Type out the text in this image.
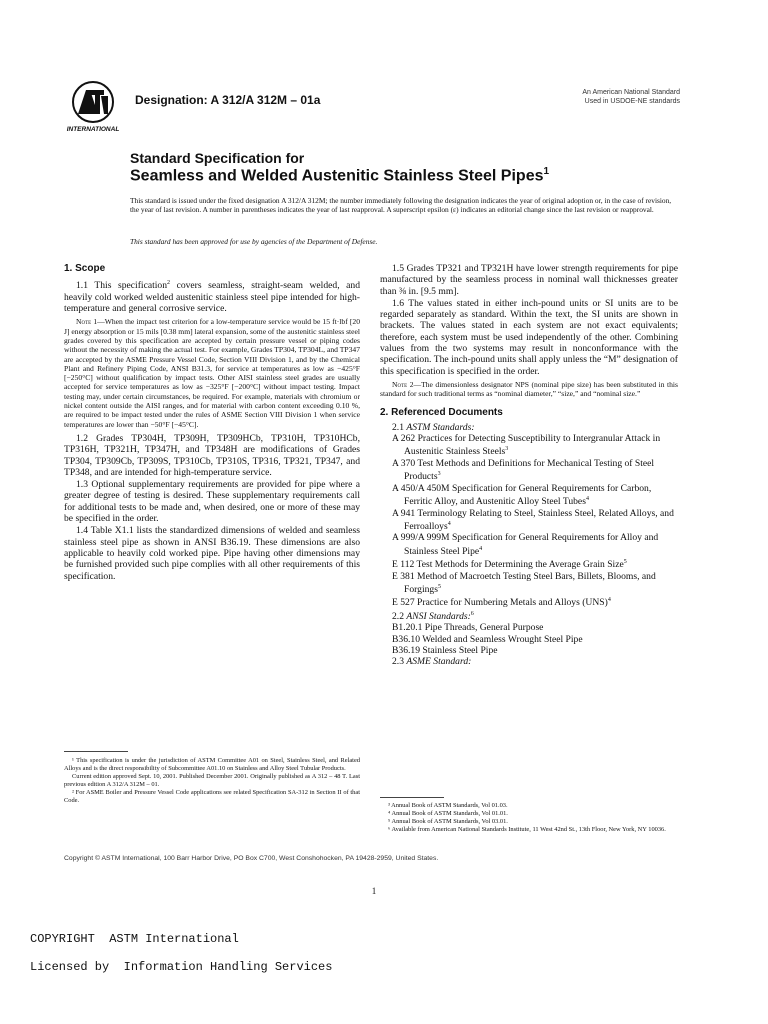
INTERNATIONAL
Designation: A 312/A 312M – 01a
An American National Standard
Used in USDOE-NE standards
Standard Specification for
Seamless and Welded Austenitic Stainless Steel Pipes$^1$
This standard is issued under the fixed designation A 312/A 312M; the number immediately following the designation indicates the year of original adoption or, in the case of revision, the year of last revision. A number in parentheses indicates the year of last reapproval. A superscript epsilon (ε) indicates an editorial change since the last revision or reapproval.
This standard has been approved for use by agencies of the Department of Defense.
1. Scope

1.1 This specification$^2$ covers seamless, straight-seam welded, and heavily cold worked welded austenitic stainless steel pipe intended for high-temperature and general corrosive service.

Note 1—When the impact test criterion for a low-temperature service would be 15 ft·lbf [20 J] energy absorption or 15 mils [0.38 mm] lateral expansion, some of the austenitic stainless steel grades covered by this specification are accepted by certain pressure vessel or piping codes without the necessity of making the actual test. For example, Grades TP304, TP304L, and TP347 are accepted by the ASME Pressure Vessel Code, Section VIII Division 1, and by the Chemical Plant and Refinery Piping Code, ANSI B31.3, for service at temperatures as low as −425°F [−250°C] without qualification by impact tests. Other AISI stainless steel grades are usually accepted for service temperatures as low as −325°F [−200°C] without impact testing. Impact testing may, under certain circumstances, be required. For example, materials with chromium or nickel content outside the AISI ranges, and for material with carbon content exceeding 0.10 %, are required to be impact tested under the rules of ASME Section VIII Division 1 when service temperatures are lower than −50°F [−45°C].

1.2 Grades TP304H, TP309H, TP309HCb, TP310H, TP310HCb, TP316H, TP321H, TP347H, and TP348H are modifications of Grades TP304, TP309Cb, TP309S, TP310Cb, TP310S, TP316, TP321, TP347, and TP348, and are intended for high-temperature service.

1.3 Optional supplementary requirements are provided for pipe where a greater degree of testing is desired. These supplementary requirements call for additional tests to be made and, when desired, one or more of these may be specified in the order.

1.4 Table X1.1 lists the standardized dimensions of welded and seamless stainless steel pipe as shown in ANSI B36.19. These dimensions are also applicable to heavily cold worked pipe. Pipe having other dimensions may be furnished provided such pipe complies with all other requirements of this specification.

1.5 Grades TP321 and TP321H have lower strength requirements for pipe manufactured by the seamless process in nominal wall thicknesses greater than ⅜ in. [9.5 mm].

1.6 The values stated in either inch-pound units or SI units are to be regarded separately as standard. Within the text, the SI units are shown in brackets. The values stated in each system are not exact equivalents; therefore, each system must be used independently of the other. Combining values from the two systems may result in nonconformance with the specification. The inch-pound units shall apply unless the “M” designation of this specification is specified in the order.

Note 2—The dimensionless designator NPS (nominal pipe size) has been substituted in this standard for such traditional terms as “nominal diameter,” “size,” and “nominal size.”
2. Referenced Documents
2.1 ASTM Standards:
A 262 Practices for Detecting Susceptibility to Intergranular Attack in Austenitic Stainless Steels$^3$
A 370 Test Methods and Definitions for Mechanical Testing of Steel Products$^3$
A 450/A 450M Specification for General Requirements for Carbon, Ferritic Alloy, and Austenitic Alloy Steel Tubes$^4$
A 941 Terminology Relating to Steel, Stainless Steel, Related Alloys, and Ferroalloys$^4$
A 999/A 999M Specification for General Requirements for Alloy and Stainless Steel Pipe$^4$
E 112 Test Methods for Determining the Average Grain Size$^5$
E 381 Method of Macroetch Testing Steel Bars, Billets, Blooms, and Forgings$^5$
E 527 Practice for Numbering Metals and Alloys (UNS)$^4$
2.2 ANSI Standards:$^6$
B1.20.1 Pipe Threads, General Purpose
B36.10 Welded and Seamless Wrought Steel Pipe
B36.19 Stainless Steel Pipe
2.3 ASME Standard:

¹ This specification is under the jurisdiction of ASTM Committee A01 on Steel, Stainless Steel, and Related Alloys and is the direct responsibility of Subcommittee A01.10 on Stainless and Alloy Steel Tubular Products.

Current edition approved Sept. 10, 2001. Published December 2001. Originally published as A 312 – 48 T. Last previous edition A 312/A 312M – 01.

² For ASME Boiler and Pressure Vessel Code applications see related Specification SA-312 in Section II of that Code.

³ Annual Book of ASTM Standards, Vol 01.03.

⁴ Annual Book of ASTM Standards, Vol 01.01.

⁵ Annual Book of ASTM Standards, Vol 03.01.

⁶ Available from American National Standards Institute, 11 West 42nd St., 13th Floor, New York, NY 10036.

Copyright © ASTM International, 100 Barr Harbor Drive, PO Box C700, West Conshohocken, PA 19428-2959, United States.
1
COPYRIGHT  ASTM International
Licensed by  Information Handling Services
